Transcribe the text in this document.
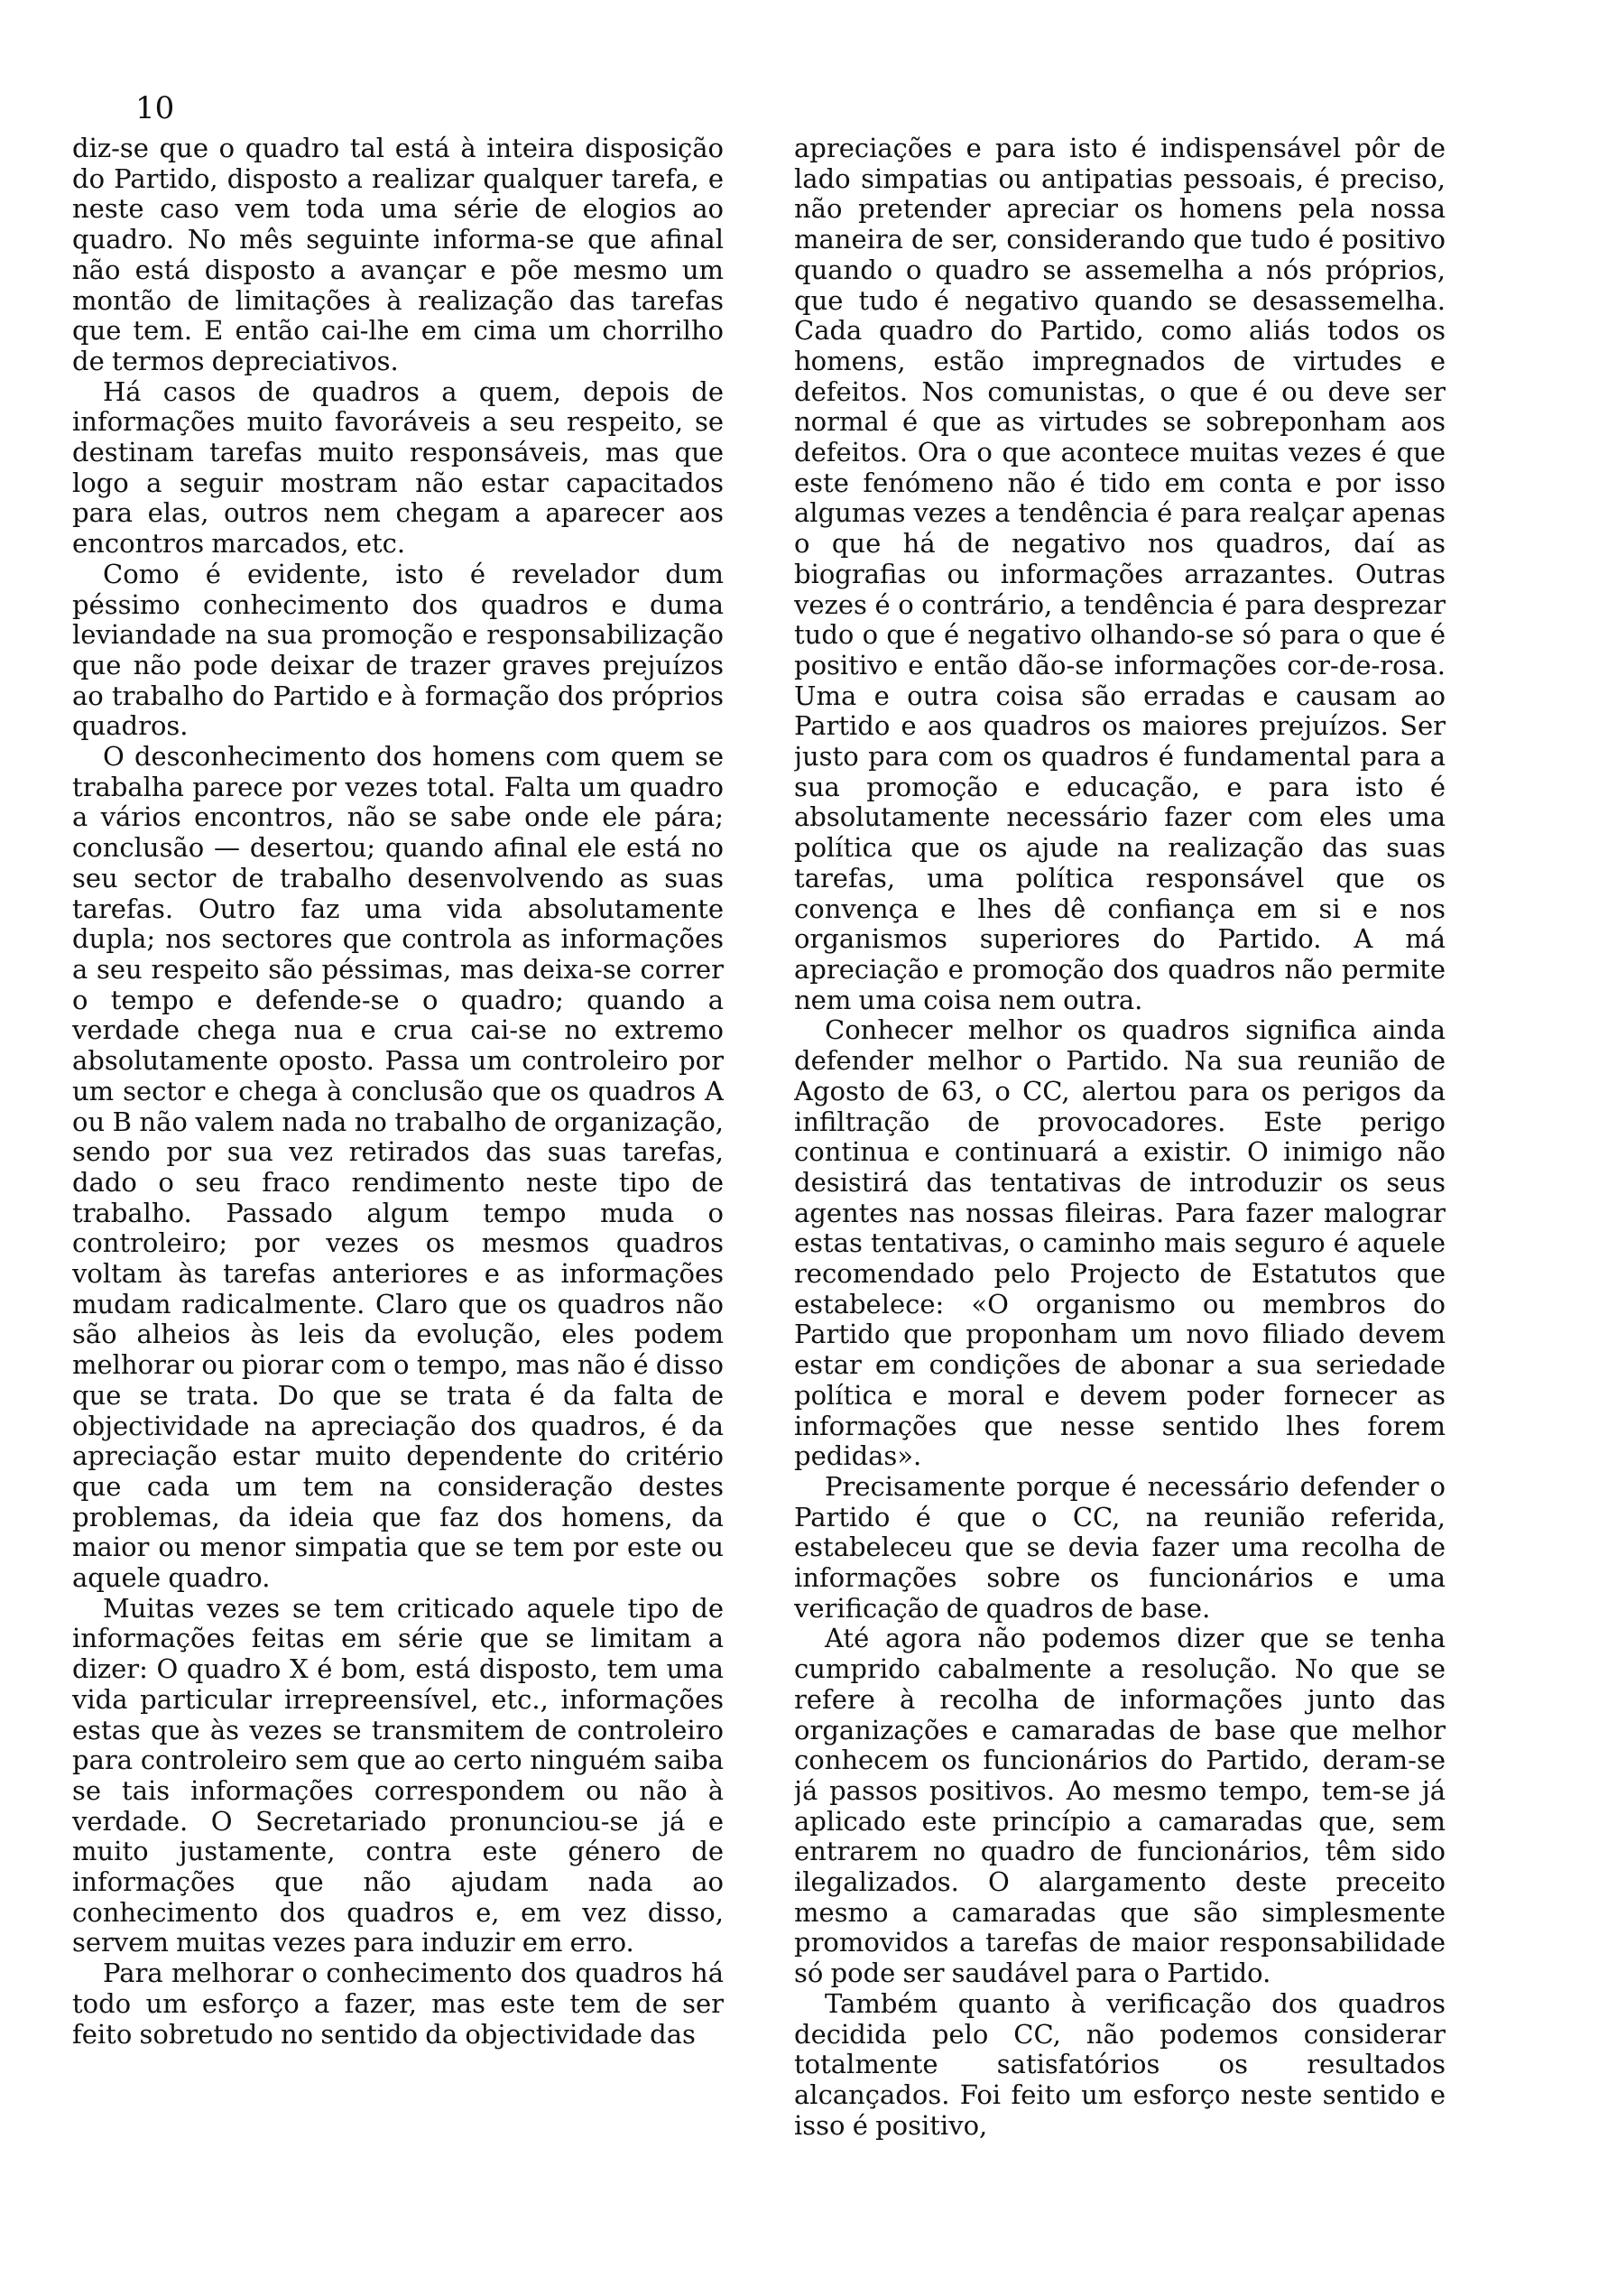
10

diz-se que o quadro tal está à inteira disposição do Partido, disposto a realizar qualquer tarefa, e neste caso vem toda uma série de elogios ao quadro. No mês seguinte informa-se que afinal não está disposto a avançar e põe mesmo um montão de limitações à realização das tarefas que tem. E então cai-lhe em cima um chorrilho de termos depreciativos.

Há casos de quadros a quem, depois de informações muito favoráveis a seu respeito, se destinam tarefas muito responsáveis, mas que logo a seguir mostram não estar capacitados para elas, outros nem chegam a aparecer aos encontros marcados, etc.

Como é evidente, isto é revelador dum péssimo conhecimento dos quadros e duma leviandade na sua promoção e responsabilização que não pode deixar de trazer graves prejuízos ao trabalho do Partido e à formação dos próprios quadros.

O desconhecimento dos homens com quem se trabalha parece por vezes total. Falta um quadro a vários encontros, não se sabe onde ele pára; conclusão — desertou; quando afinal ele está no seu sector de trabalho desenvolvendo as suas tarefas. Outro faz uma vida absolutamente dupla; nos sectores que controla as informações a seu respeito são péssimas, mas deixa-se correr o tempo e defende-se o quadro; quando a verdade chega nua e crua cai-se no extremo absolutamente oposto. Passa um controleiro por um sector e chega à conclusão que os quadros A ou B não valem nada no trabalho de organização, sendo por sua vez retirados das suas tarefas, dado o seu fraco rendimento neste tipo de trabalho. Passado algum tempo muda o controleiro; por vezes os mesmos quadros voltam às tarefas anteriores e as informações mudam radicalmente. Claro que os quadros não são alheios às leis da evolução, eles podem melhorar ou piorar com o tempo, mas não é disso que se trata. Do que se trata é da falta de objectividade na apreciação dos quadros, é da apreciação estar muito dependente do critério que cada um tem na consideração destes problemas, da ideia que faz dos homens, da maior ou menor simpatia que se tem por este ou aquele quadro.

Muitas vezes se tem criticado aquele tipo de informações feitas em série que se limitam a dizer: O quadro X é bom, está disposto, tem uma vida particular irrepreensível, etc., informações estas que às vezes se transmitem de controleiro para controleiro sem que ao certo ninguém saiba se tais informações correspondem ou não à verdade. O Secretariado pronunciou-se já e muito justamente, contra este género de informações que não ajudam nada ao conhecimento dos quadros e, em vez disso, servem muitas vezes para induzir em erro.

Para melhorar o conhecimento dos quadros há todo um esforço a fazer, mas este tem de ser feito sobretudo no sentido da objectividade das

apreciações e para isto é indispensável pôr de lado simpatias ou antipatias pessoais, é preciso, não pretender apreciar os homens pela nossa maneira de ser, considerando que tudo é positivo quando o quadro se assemelha a nós próprios, que tudo é negativo quando se desassemelha. Cada quadro do Partido, como aliás todos os homens, estão impregnados de virtudes e defeitos. Nos comunistas, o que é ou deve ser normal é que as virtudes se sobreponham aos defeitos. Ora o que acontece muitas vezes é que este fenómeno não é tido em conta e por isso algumas vezes a tendência é para realçar apenas o que há de negativo nos quadros, daí as biografias ou informações arrazantes. Outras vezes é o contrário, a tendência é para desprezar tudo o que é negativo olhando-se só para o que é positivo e então dão-se informações cor-de-rosa. Uma e outra coisa são erradas e causam ao Partido e aos quadros os maiores prejuízos. Ser justo para com os quadros é fundamental para a sua promoção e educação, e para isto é absolutamente necessário fazer com eles uma política que os ajude na realização das suas tarefas, uma política responsável que os convença e lhes dê confiança em si e nos organismos superiores do Partido. A má apreciação e promoção dos quadros não permite nem uma coisa nem outra.

Conhecer melhor os quadros significa ainda defender melhor o Partido. Na sua reunião de Agosto de 63, o CC, alertou para os perigos da infiltração de provocadores. Este perigo continua e continuará a existir. O inimigo não desistirá das tentativas de introduzir os seus agentes nas nossas fileiras. Para fazer malograr estas tentativas, o caminho mais seguro é aquele recomendado pelo Projecto de Estatutos que estabelece: «O organismo ou membros do Partido que proponham um novo filiado devem estar em condições de abonar a sua seriedade política e moral e devem poder fornecer as informações que nesse sentido lhes forem pedidas».

Precisamente porque é necessário defender o Partido é que o CC, na reunião referida, estabeleceu que se devia fazer uma recolha de informações sobre os funcionários e uma verificação de quadros de base.

Até agora não podemos dizer que se tenha cumprido cabalmente a resolução. No que se refere à recolha de informações junto das organizações e camaradas de base que melhor conhecem os funcionários do Partido, deram-se já passos positivos. Ao mesmo tempo, tem-se já aplicado este princípio a camaradas que, sem entrarem no quadro de funcionários, têm sido ilegalizados. O alargamento deste preceito mesmo a camaradas que são simplesmente promovidos a tarefas de maior responsabilidade só pode ser saudável para o Partido.

Também quanto à verificação dos quadros decidida pelo CC, não podemos considerar totalmente satisfatórios os resultados alcançados. Foi feito um esforço neste sentido e isso é positivo,
